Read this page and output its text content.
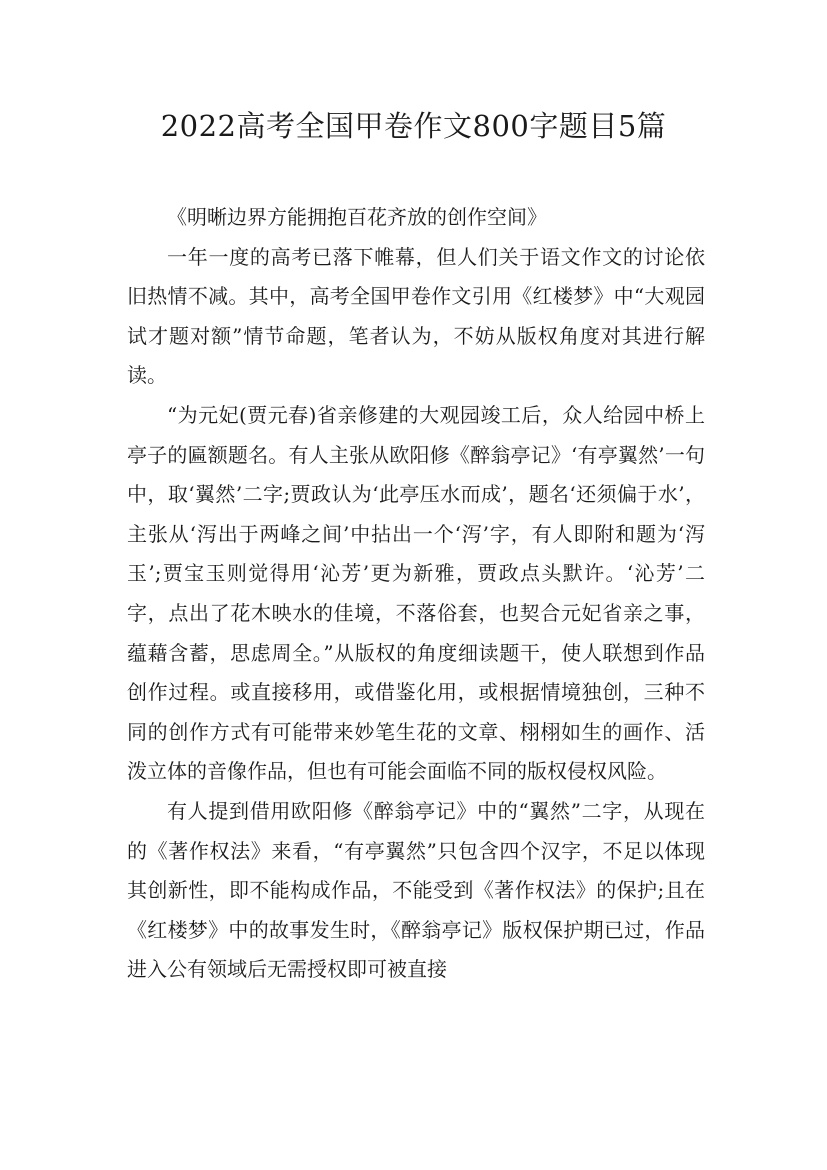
2022高考全国甲卷作文800字题目5篇

《明晰边界方能拥抱百花齐放的创作空间》

一年一度的高考已落下帷幕，但人们关于语文作文的讨论依旧热情不减。其中，高考全国甲卷作文引用《红楼梦》中“大观园试才题对额”情节命题，笔者认为，不妨从版权角度对其进行解读。

“为元妃(贾元春)省亲修建的大观园竣工后，众人给园中桥上亭子的匾额题名。有人主张从欧阳修《醉翁亭记》‘有亭翼然’一句中，取‘翼然’二字;贾政认为‘此亭压水而成’，题名‘还须偏于水’，主张从‘泻出于两峰之间’中拈出一个‘泻’字，有人即附和题为‘泻玉’;贾宝玉则觉得用‘沁芳’更为新雅，贾政点头默许。‘沁芳’二字，点出了花木映水的佳境，不落俗套，也契合元妃省亲之事，蕴藉含蓄，思虑周全。”从版权的角度细读题干，使人联想到作品创作过程。或直接移用，或借鉴化用，或根据情境独创，三种不同的创作方式有可能带来妙笔生花的文章、栩栩如生的画作、活泼立体的音像作品，但也有可能会面临不同的版权侵权风险。

有人提到借用欧阳修《醉翁亭记》中的“翼然”二字，从现在的《著作权法》来看，“有亭翼然”只包含四个汉字，不足以体现其创新性，即不能构成作品，不能受到《著作权法》的保护;且在《红楼梦》中的故事发生时，《醉翁亭记》版权保护期已过，作品进入公有领域后无需授权即可被直接
